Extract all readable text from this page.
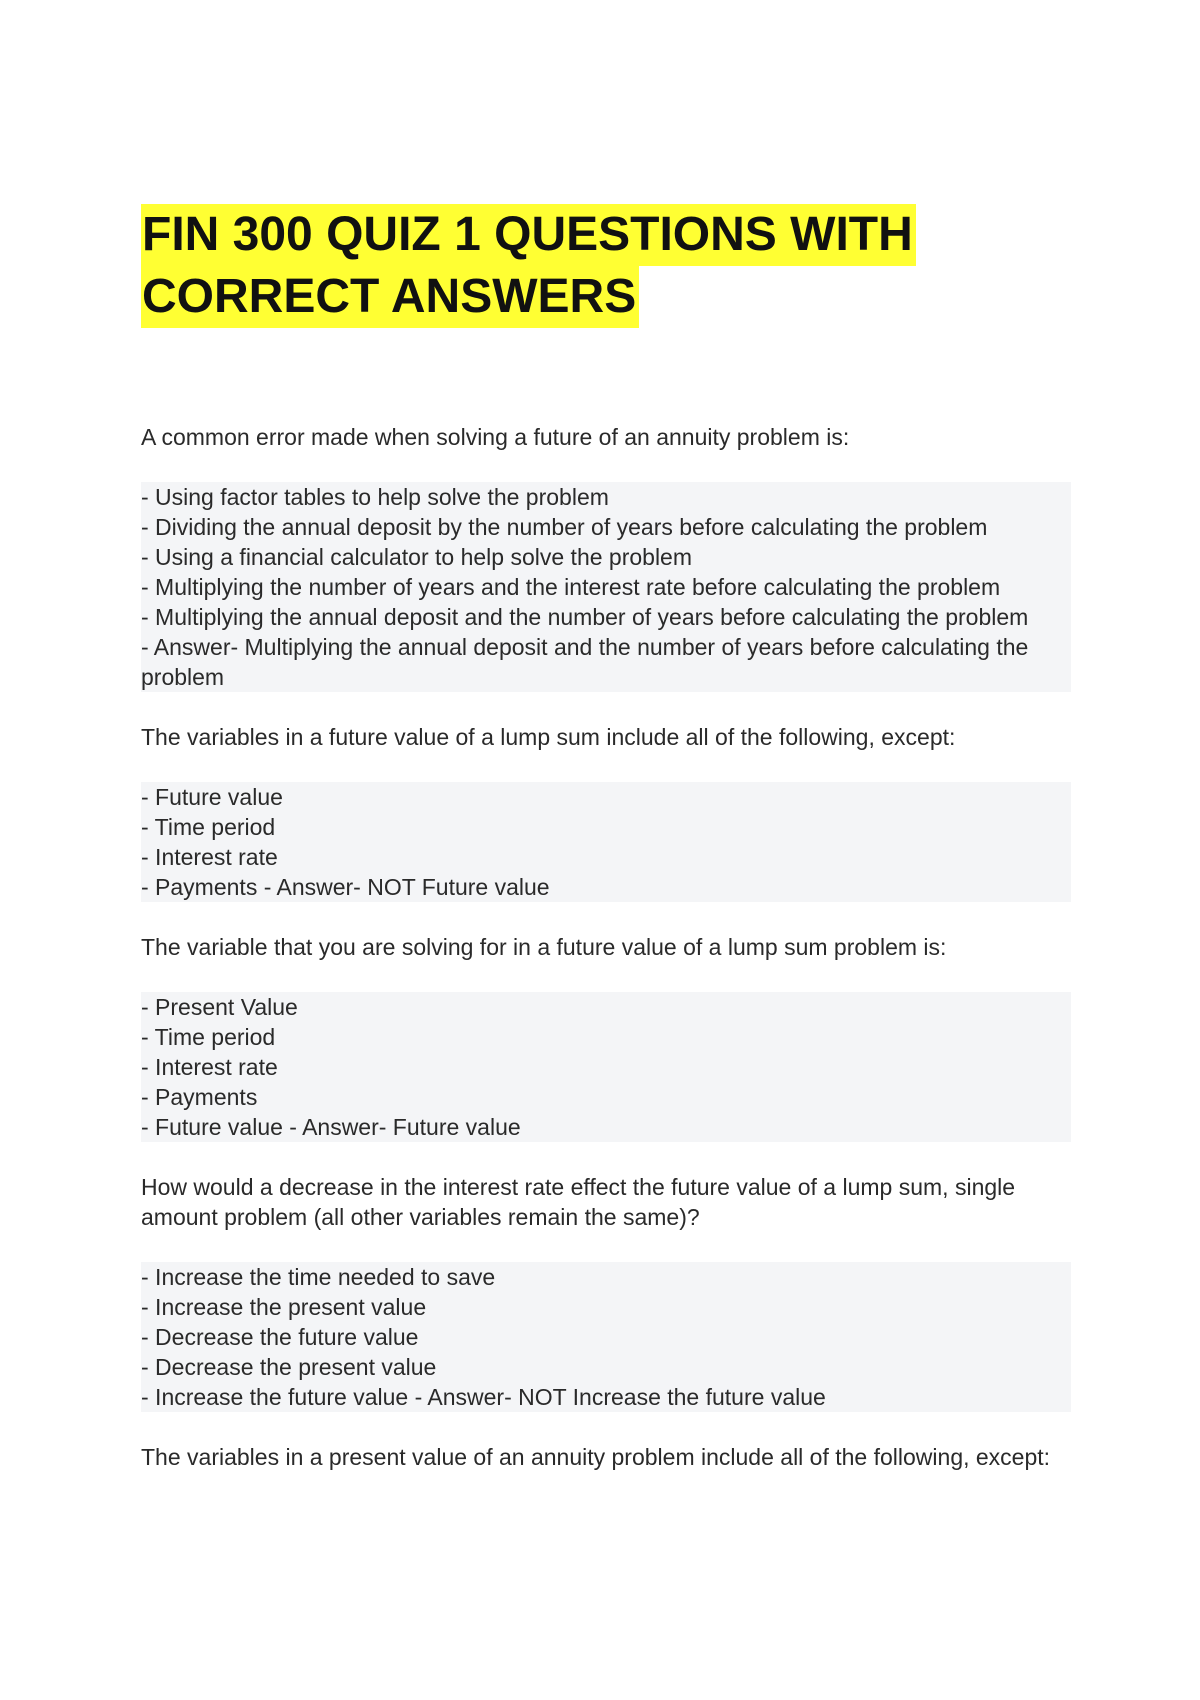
FIN 300 QUIZ 1 QUESTIONS WITH
CORRECT ANSWERS
A common error made when solving a future of an annuity problem is:
- Using factor tables to help solve the problem
- Dividing the annual deposit by the number of years before calculating the problem
- Using a financial calculator to help solve the problem
- Multiplying the number of years and the interest rate before calculating the problem
- Multiplying the annual deposit and the number of years before calculating the problem
- Answer- Multiplying the annual deposit and the number of years before calculating the problem
The variables in a future value of a lump sum include all of the following, except:
- Future value
- Time period
- Interest rate
- Payments - Answer- NOT Future value
The variable that you are solving for in a future value of a lump sum problem is:
- Present Value
- Time period
- Interest rate
- Payments
- Future value - Answer- Future value
How would a decrease in the interest rate effect the future value of a lump sum, single amount problem (all other variables remain the same)?
- Increase the time needed to save
- Increase the present value
- Decrease the future value
- Decrease the present value
- Increase the future value - Answer- NOT Increase the future value
The variables in a present value of an annuity problem include all of the following, except:
